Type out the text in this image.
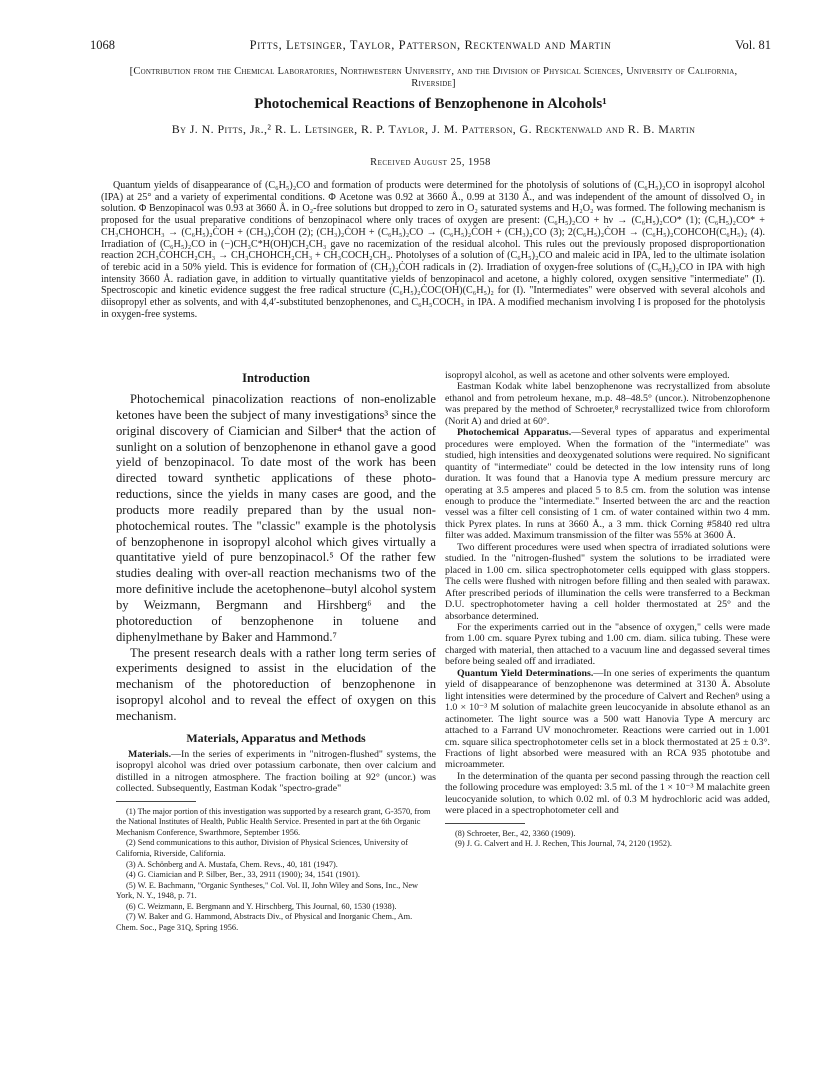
1068	Pitts, Letsinger, Taylor, Patterson, Recktenwald and Martin	Vol. 81
[Contribution from the Chemical Laboratories, Northwestern University, and the Division of Physical Sciences, University of California, Riverside]
Photochemical Reactions of Benzophenone in Alcohols¹
By J. N. Pitts, Jr.,² R. L. Letsinger, R. P. Taylor, J. M. Patterson, G. Recktenwald and R. B. Martin
Received August 25, 1958

Quantum yields of disappearance of (C₆H₅)₂CO and formation of products were determined for the photolysis of solutions of (C₆H₅)₂CO in isopropyl alcohol (IPA) at 25° and a variety of experimental conditions. Φ Acetone was 0.92 at 3660 Å., 0.99 at 3130 Å., and was independent of the amount of dissolved O₂ in solution. Φ Benzopinacol was 0.93 at 3660 Å. in O₂-free solutions but dropped to zero in O₂ saturated systems and H₂O₂ was formed. The following mechanism is proposed for the usual preparative conditions of benzopinacol where only traces of oxygen are present: (C₆H₅)₂CO + hν → (C₆H₅)₂CO* (1); (C₆H₅)₂CO* + CH₃CHOHCH₃ → (C₆H₅)₂ĊOH + (CH₃)₂ĊOH (2); (CH₃)₂ĊOH + (C₆H₅)₂CO → (C₆H₅)₂ĊOH + (CH₃)₂CO (3); 2(C₆H₅)₂ĊOH → (C₆H₅)₂COHCOH(C₆H₅)₂ (4). Irradiation of (C₆H₅)₂CO in (−)CH₃C*H(OH)CH₂CH₃ gave no racemization of the residual alcohol. This rules out the previously proposed disproportionation reaction 2CH₃ĊOHCH₂CH₃ → CH₃CHOHCH₂CH₃ + CH₃COCH₂CH₃. Photolyses of a solution of (C₆H₅)₂CO and maleic acid in IPA, led to the ultimate isolation of terebic acid in a 50% yield. This is evidence for formation of (CH₃)₂ĊOH radicals in (2). Irradiation of oxygen-free solutions of (C₆H₅)₂CO in IPA with high intensity 3660 Å. radiation gave, in addition to virtually quantitative yields of benzopinacol and acetone, a highly colored, oxygen sensitive "intermediate" (I). Spectroscopic and kinetic evidence suggest the free radical structure (C₆H₅)₂ĊOC(OH)(C₆H₅)₂ for (I). "Intermediates" were observed with several alcohols and diisopropyl ether as solvents, and with 4,4′-substituted benzophenones, and C₆H₅COCH₃ in IPA. A modified mechanism involving I is proposed for the photolysis in oxygen-free systems.

Introduction

Photochemical pinacolization reactions of non-enolizable ketones have been the subject of many investigations³ since the original discovery of Ciamician and Silber⁴ that the action of sunlight on a solution of benzophenone in ethanol gave a good yield of benzopinacol. To date most of the work has been directed toward synthetic applications of these photo-reductions, since the yields in many cases are good, and the products more readily prepared than by the usual non-photochemical routes. The "classic" example is the photolysis of benzophenone in isopropyl alcohol which gives virtually a quantitative yield of pure benzopinacol.⁵ Of the rather few studies dealing with over-all reaction mechanisms two of the more definitive include the acetophenone–butyl alcohol system by Weizmann, Bergmann and Hirshberg⁶ and the photoreduction of benzophenone in toluene and diphenylmethane by Baker and Hammond.⁷

The present research deals with a rather long term series of experiments designed to assist in the elucidation of the mechanism of the photoreduction of benzophenone in isopropyl alcohol and to reveal the effect of oxygen on this mechanism.

Materials, Apparatus and Methods

Materials.—In the series of experiments in "nitrogen-flushed" systems, the isopropyl alcohol was dried over potassium carbonate, then over calcium and distilled in a nitrogen atmosphere. The fraction boiling at 92° (uncor.) was collected. Subsequently, Eastman Kodak "spectro-grade"

(1) The major portion of this investigation was supported by a research grant, G-3570, from the National Institutes of Health, Public Health Service. Presented in part at the 6th Organic Mechanism Conference, Swarthmore, September 1956.
(2) Send communications to this author, Division of Physical Sciences, University of California, Riverside, California.
(3) A. Schönberg and A. Mustafa, Chem. Revs., 40, 181 (1947).
(4) G. Ciamician and P. Silber, Ber., 33, 2911 (1900); 34, 1541 (1901).
(5) W. E. Bachmann, "Organic Syntheses," Col. Vol. II, John Wiley and Sons, Inc., New York, N. Y., 1948, p. 71.
(6) C. Weizmann, E. Bergmann and Y. Hirschberg, This Journal, 60, 1530 (1938).
(7) W. Baker and G. Hammond, Abstracts Div., of Physical and Inorganic Chem., Am. Chem. Soc., Page 31Q, Spring 1956.

isopropyl alcohol, as well as acetone and other solvents were employed.

Eastman Kodak white label benzophenone was recrystallized from absolute ethanol and from petroleum hexane, m.p. 48–48.5° (uncor.). Nitrobenzophenone was prepared by the method of Schroeter,⁸ recrystallized twice from chloroform (Norit A) and dried at 60°.

Photochemical Apparatus.—Several types of apparatus and experimental procedures were employed. When the formation of the "intermediate" was studied, high intensities and deoxygenated solutions were required. No significant quantity of "intermediate" could be detected in the low intensity runs of long duration. It was found that a Hanovia type A medium pressure mercury arc operating at 3.5 amperes and placed 5 to 8.5 cm. from the solution was intense enough to produce the "intermediate." Inserted between the arc and the reaction vessel was a filter cell consisting of 1 cm. of water contained within two 4 mm. thick Pyrex plates. In runs at 3660 Å., a 3 mm. thick Corning #5840 red ultra filter was added. Maximum transmission of the filter was 55% at 3600 Å.

Two different procedures were used when spectra of irradiated solutions were studied. In the "nitrogen-flushed" system the solutions to be irradiated were placed in 1.00 cm. silica spectrophotometer cells equipped with glass stoppers. The cells were flushed with nitrogen before filling and then sealed with parawax. After prescribed periods of illumination the cells were transferred to a Beckman D.U. spectrophotometer having a cell holder thermostated at 25° and the absorbance determined.

For the experiments carried out in the "absence of oxygen," cells were made from 1.00 cm. square Pyrex tubing and 1.00 cm. diam. silica tubing. These were charged with material, then attached to a vacuum line and degassed several times before being sealed off and irradiated.

Quantum Yield Determinations.—In one series of experiments the quantum yield of disappearance of benzophenone was determined at 3130 Å. Absolute light intensities were determined by the procedure of Calvert and Rechen⁹ using a 1.0 × 10⁻³ M solution of malachite green leucocyanide in absolute ethanol as an actinometer. The light source was a 500 watt Hanovia Type A mercury arc attached to a Farrand UV monochrometer. Reactions were carried out in 1.001 cm. square silica spectrophotometer cells set in a block thermostated at 25 ± 0.3°. Fractions of light absorbed were measured with an RCA 935 phototube and microammeter.

In the determination of the quanta per second passing through the reaction cell the following procedure was employed: 3.5 ml. of the 1 × 10⁻³ M malachite green leucocyanide solution, to which 0.02 ml. of 0.3 M hydrochloric acid was added, were placed in a spectrophotometer cell and

(8) Schroeter, Ber., 42, 3360 (1909).
(9) J. G. Calvert and H. J. Rechen, This Journal, 74, 2120 (1952).
